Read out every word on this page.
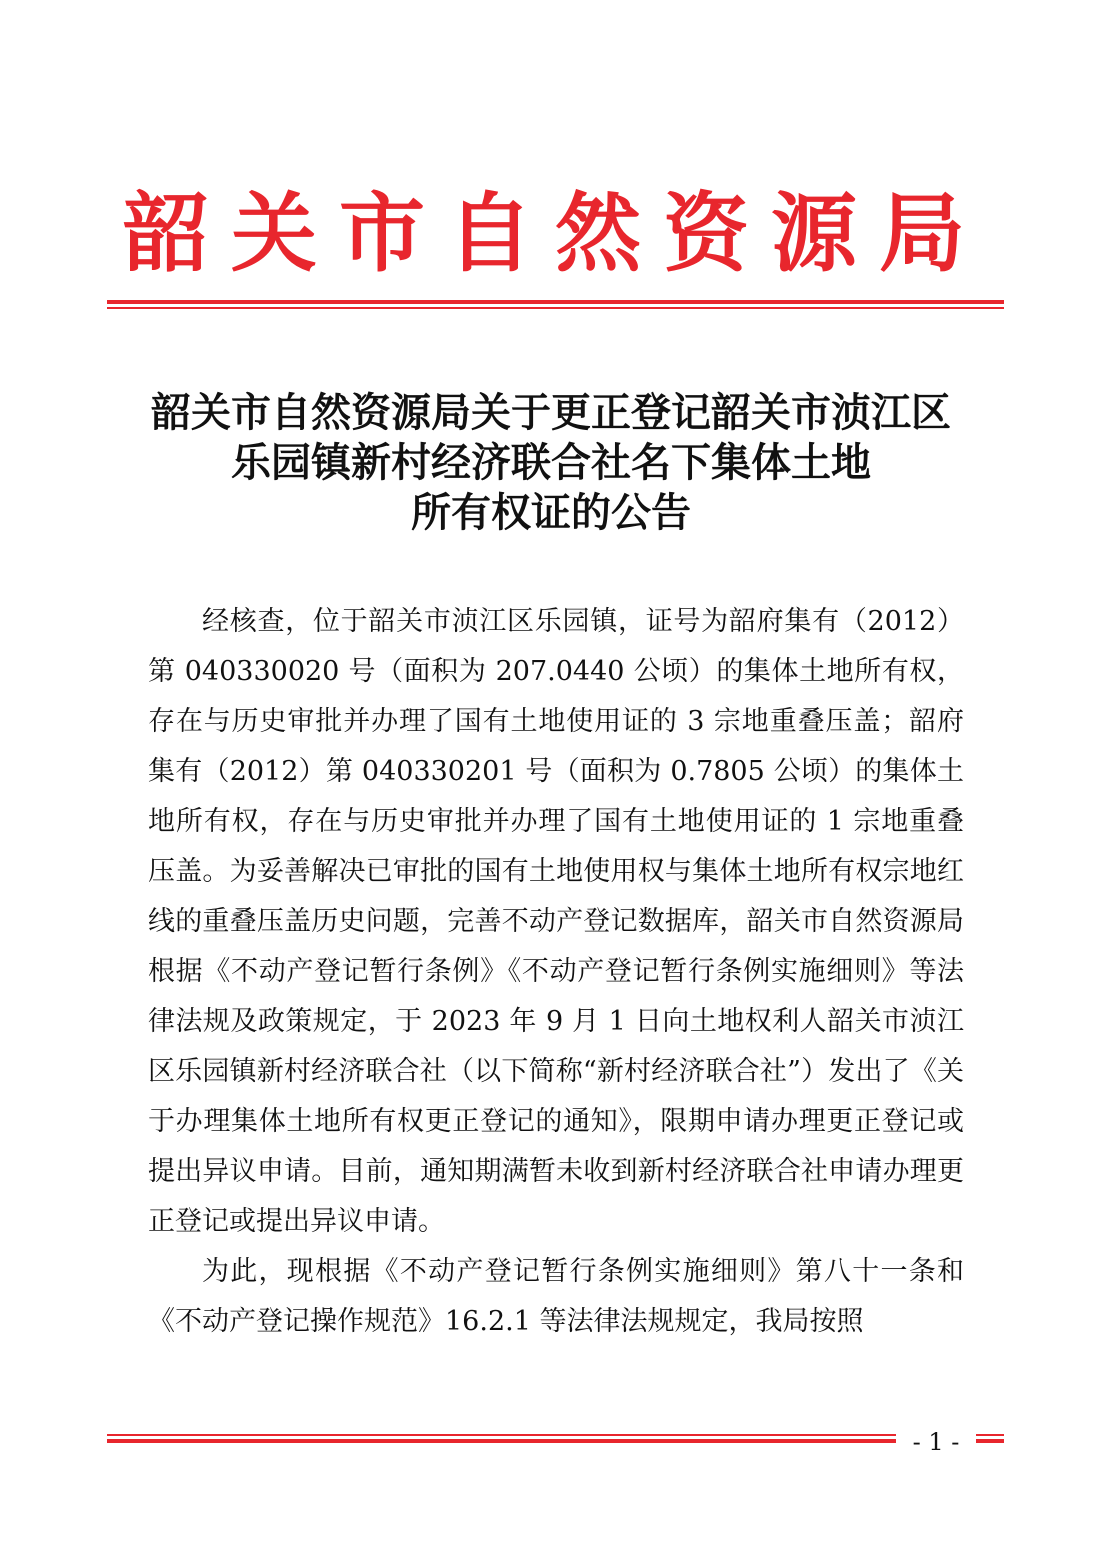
韶关市自然资源局
韶关市自然资源局关于更正登记韶关市浈江区
乐园镇新村经济联合社名下集体土地
所有权证的公告

经核查，位于韶关市浈江区乐园镇，证号为韶府集有（2012）第 040330020 号（面积为 207.0440 公顷）的集体土地所有权，存在与历史审批并办理了国有土地使用证的 3 宗地重叠压盖；韶府集有（2012）第 040330201 号（面积为 0.7805 公顷）的集体土地所有权，存在与历史审批并办理了国有土地使用证的 1 宗地重叠压盖。为妥善解决已审批的国有土地使用权与集体土地所有权宗地红线的重叠压盖历史问题，完善不动产登记数据库，韶关市自然资源局根据《不动产登记暂行条例》《不动产登记暂行条例实施细则》等法律法规及政策规定，于 2023 年 9 月 1 日向土地权利人韶关市浈江区乐园镇新村经济联合社（以下简称“新村经济联合社”）发出了《关于办理集体土地所有权更正登记的通知》，限期申请办理更正登记或提出异议申请。目前，通知期满暂未收到新村经济联合社申请办理更正登记或提出异议申请。

为此，现根据《不动产登记暂行条例实施细则》第八十一条和《不动产登记操作规范》16.2.1 等法律法规规定，我局按照

- 1 -
